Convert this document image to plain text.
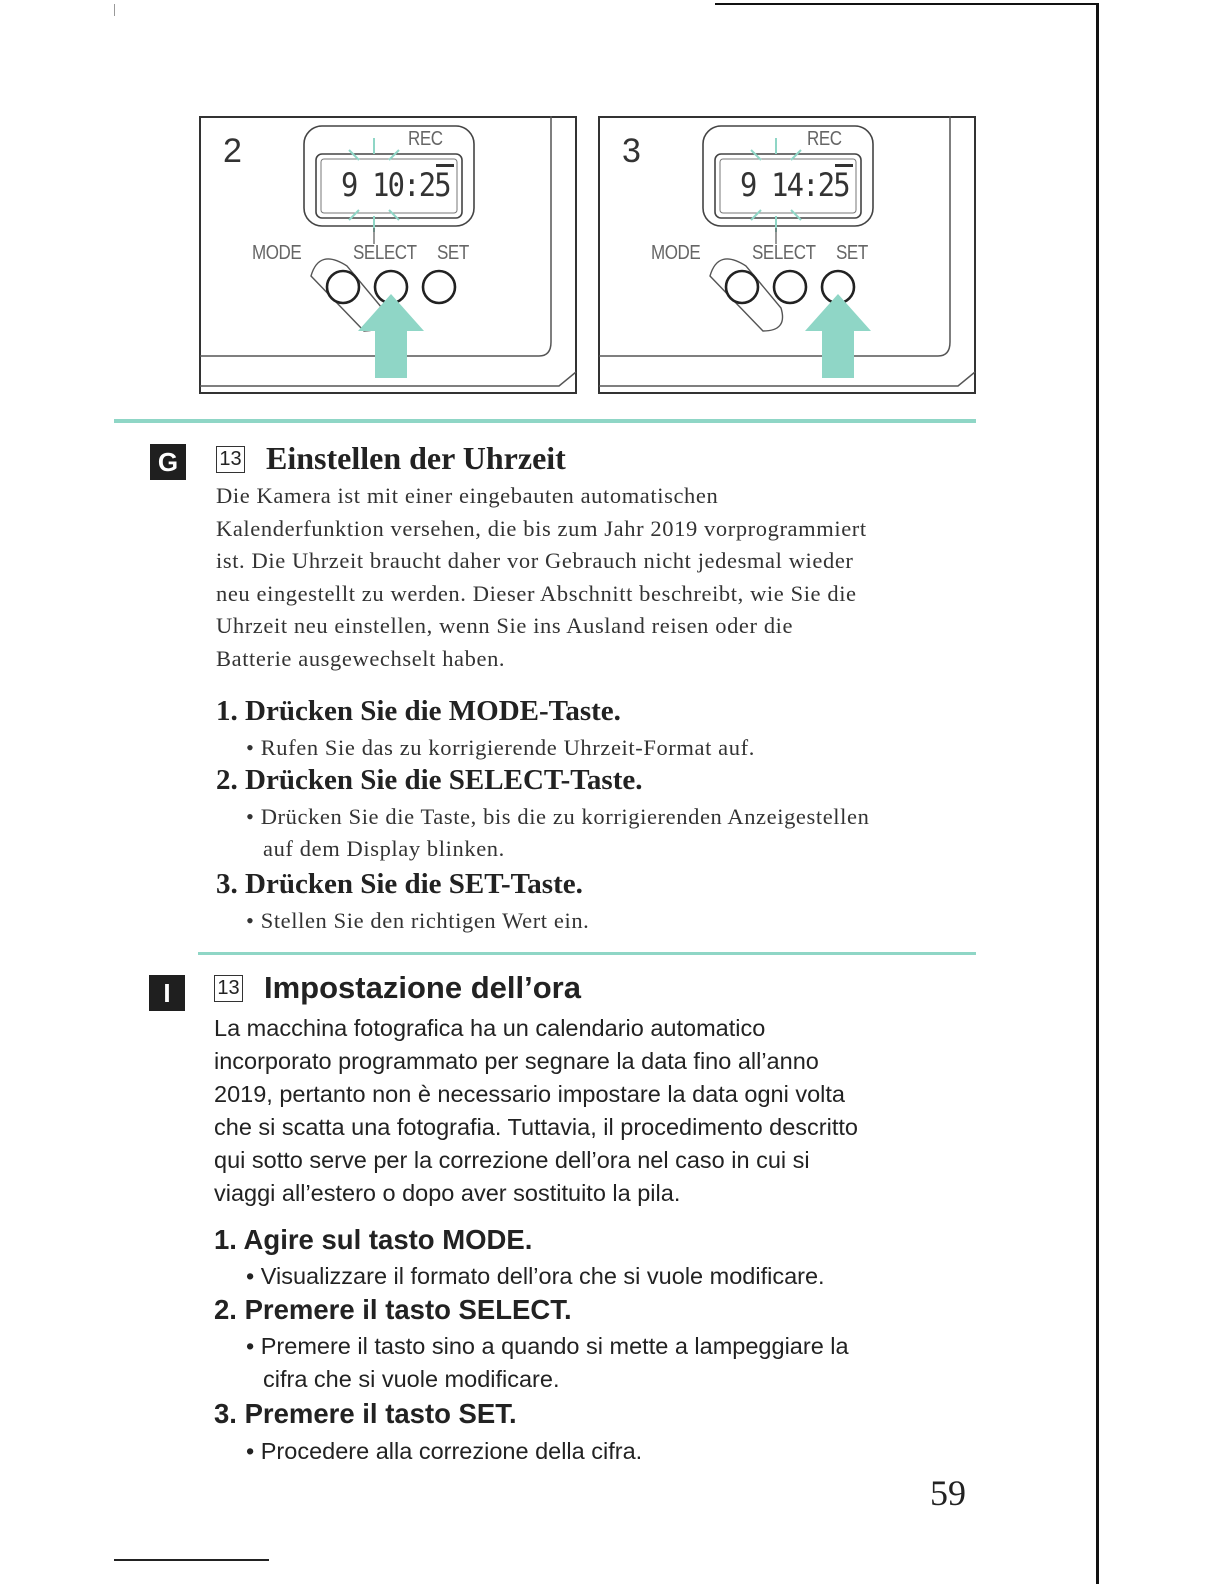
2	REC
9 10:25
MODE	SELECT SET
3	REC
9 14:25
MODE	SELECT SET
G	13 Einstellen der Uhrzeit
Die Kamera ist mit einer eingebauten automatischen
Kalenderfunktion versehen, die bis zum Jahr 2019 vorprogrammiert
ist. Die Uhrzeit braucht daher vor Gebrauch nicht jedesmal wieder
neu eingestellt zu werden. Dieser Abschnitt beschreibt, wie Sie die
Uhrzeit neu einstellen, wenn Sie ins Ausland reisen oder die
Batterie ausgewechselt haben.
1. Drücken Sie die MODE-Taste.
• Rufen Sie das zu korrigierende Uhrzeit-Format auf.
2. Drücken Sie die SELECT-Taste.
• Drücken Sie die Taste, bis die zu korrigierenden Anzeigestellen
auf dem Display blinken.
3. Drücken Sie die SET-Taste.
• Stellen Sie den richtigen Wert ein.
I	13 Impostazione dell’ora
La macchina fotografica ha un calendario automatico
incorporato programmato per segnare la data fino all’anno
2019, pertanto non è necessario impostare la data ogni volta
che si scatta una fotografia. Tuttavia, il procedimento descritto
qui sotto serve per la correzione dell’ora nel caso in cui si
viaggi all’estero o dopo aver sostituito la pila.
1. Agire sul tasto MODE.
• Visualizzare il formato dell’ora che si vuole modificare.
2. Premere il tasto SELECT.
• Premere il tasto sino a quando si mette a lampeggiare la
cifra che si vuole modificare.
3. Premere il tasto SET.
• Procedere alla correzione della cifra.
59
